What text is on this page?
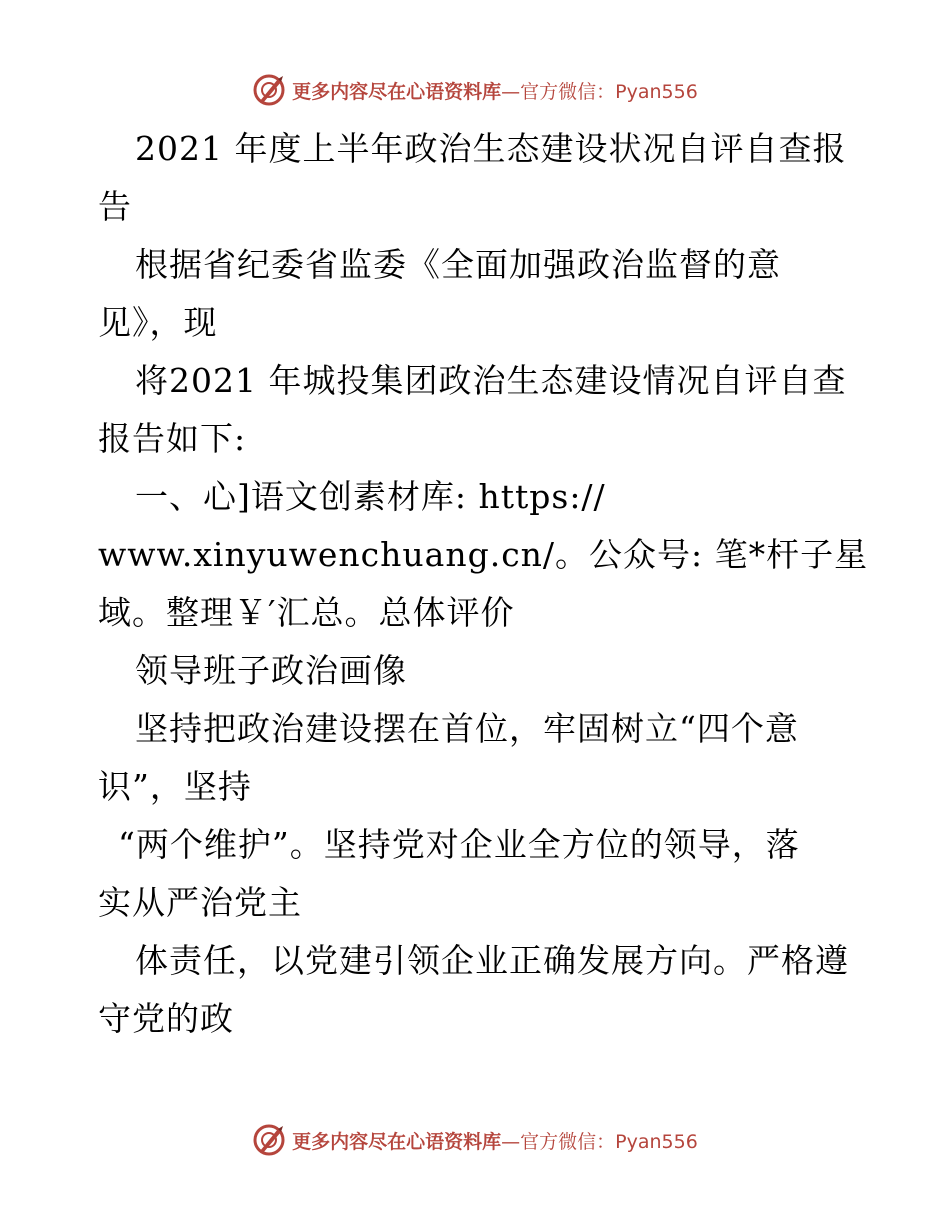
更多内容尽在心语资料库 —官方微信：Pyan556
2021 年度上半年政治生态建设状况自评自查报
告
根据省纪委省监委《全面加强政治监督的意
见》，现
将2021 年城投集团政治生态建设情况自评自查
报告如下:
一、心]语文创素材库: https://
www.xinyuwenchuang.cn/。公众号: 笔*杆子星
域。整理￥′汇总。总体评价
领导班子政治画像
坚持把政治建设摆在首位，牢固树立“四个意
识”，坚持
“两个维护”。坚持党对企业全方位的领导，落
实从严治党主
体责任，以党建引领企业正确发展方向。严格遵
守党的政
更多内容尽在心语资料库 —官方微信：Pyan556
